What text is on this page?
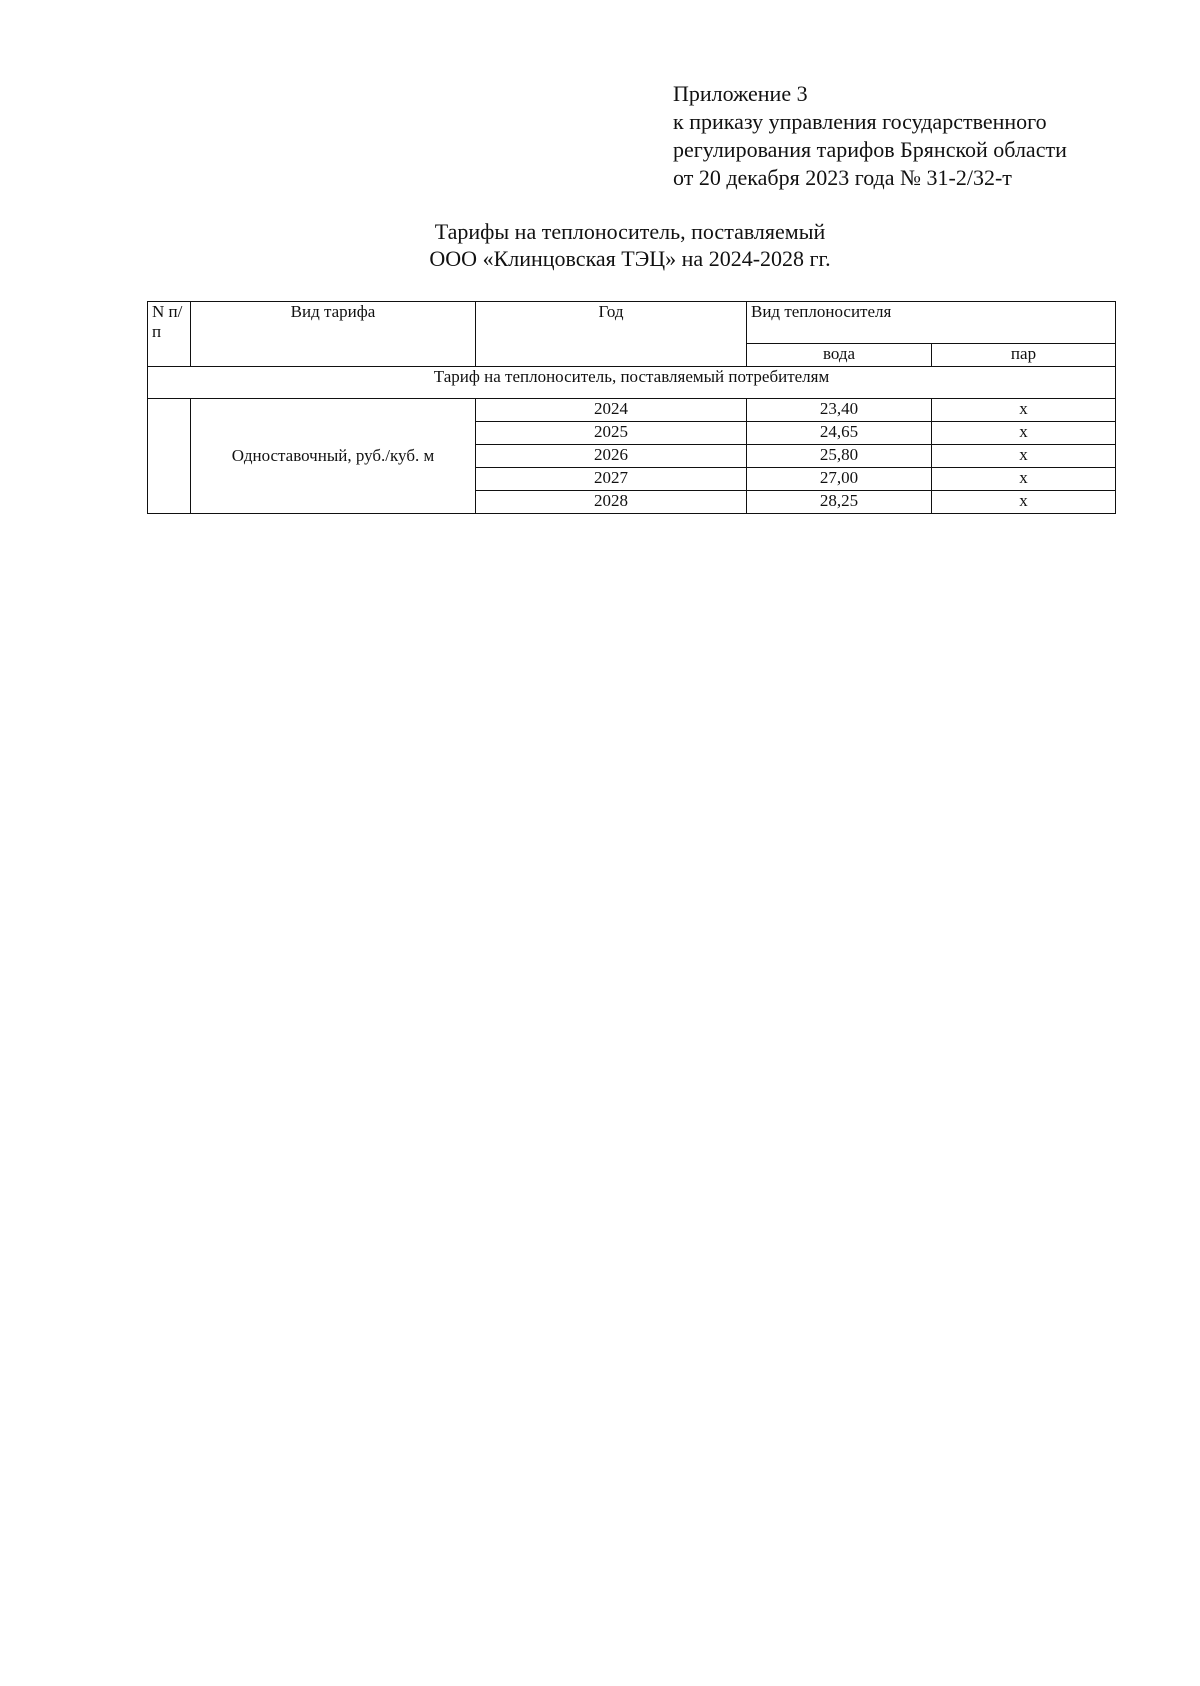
Приложение 3
к приказу управления государственного
регулирования тарифов Брянской области
от 20 декабря 2023 года № 31-2/32-т
Тарифы на теплоноситель, поставляемый
ООО «Клинцовская ТЭЦ» на 2024-2028 гг.
N п/п	Вид тарифа	Год	Вид теплоносителя	
			вода	пар
Тариф на теплоноситель, поставляемый потребителям				
	Одноставочный, руб./куб. м	2024	23,40	x
		2025	24,65	x
		2026	25,80	x
		2027	27,00	x
		2028	28,25	x
